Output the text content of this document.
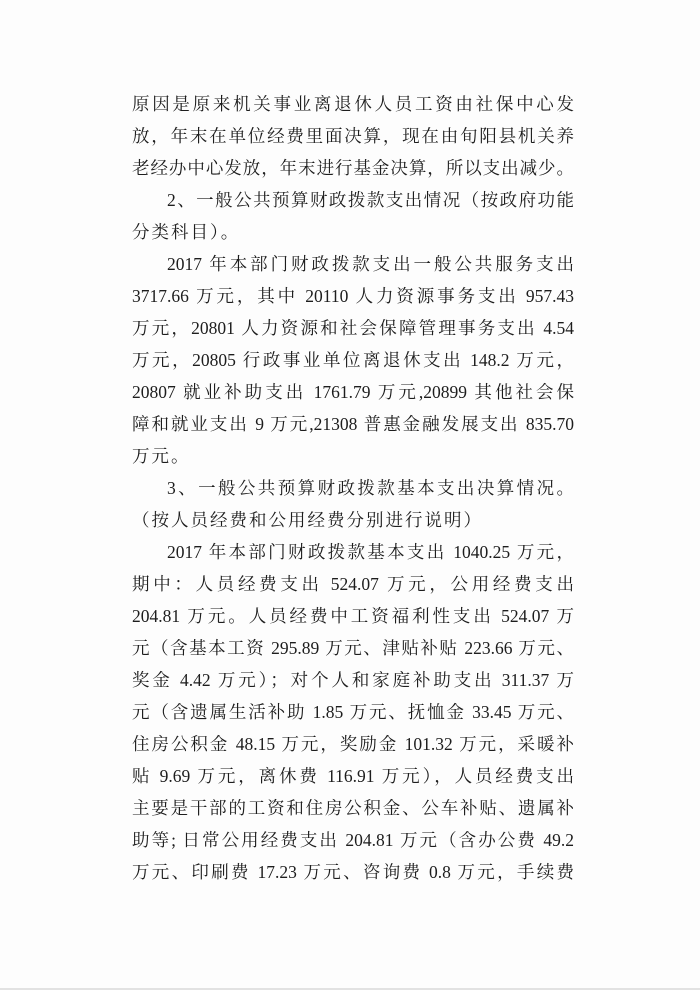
原因是原来机关事业离退休人员工资由社保中心发
放，年末在单位经费里面决算，现在由旬阳县机关养
老经办中心发放，年末进行基金决算，所以支出减少。
2、一般公共预算财政拨款支出情况（按政府功能
分类科目）。
2017 年本部门财政拨款支出一般公共服务支出
3717.66 万元，其中 20110 人力资源事务支出 957.43
万元，20801 人力资源和社会保障管理事务支出 4.54
万元，20805 行政事业单位离退休支出 148.2 万元，
20807 就业补助支出 1761.79 万元,20899 其他社会保
障和就业支出 9 万元,21308 普惠金融发展支出 835.70
万元。
3、一般公共预算财政拨款基本支出决算情况。
（按人员经费和公用经费分别进行说明）
2017 年本部门财政拨款基本支出 1040.25 万元，
期中：人员经费支出 524.07 万元，公用经费支出
204.81 万元。人员经费中工资福利性支出 524.07 万
元（含基本工资 295.89 万元、津贴补贴 223.66 万元、
奖金 4.42 万元）；对个人和家庭补助支出 311.37 万
元（含遗属生活补助 1.85 万元、抚恤金 33.45 万元、
住房公积金 48.15 万元，奖励金 101.32 万元，采暖补
贴 9.69 万元，离休费 116.91 万元），人员经费支出
主要是干部的工资和住房公积金、公车补贴、遗属补
助等; 日常公用经费支出 204.81 万元（含办公费 49.2
万元、印刷费 17.23 万元、咨询费 0.8 万元，手续费
